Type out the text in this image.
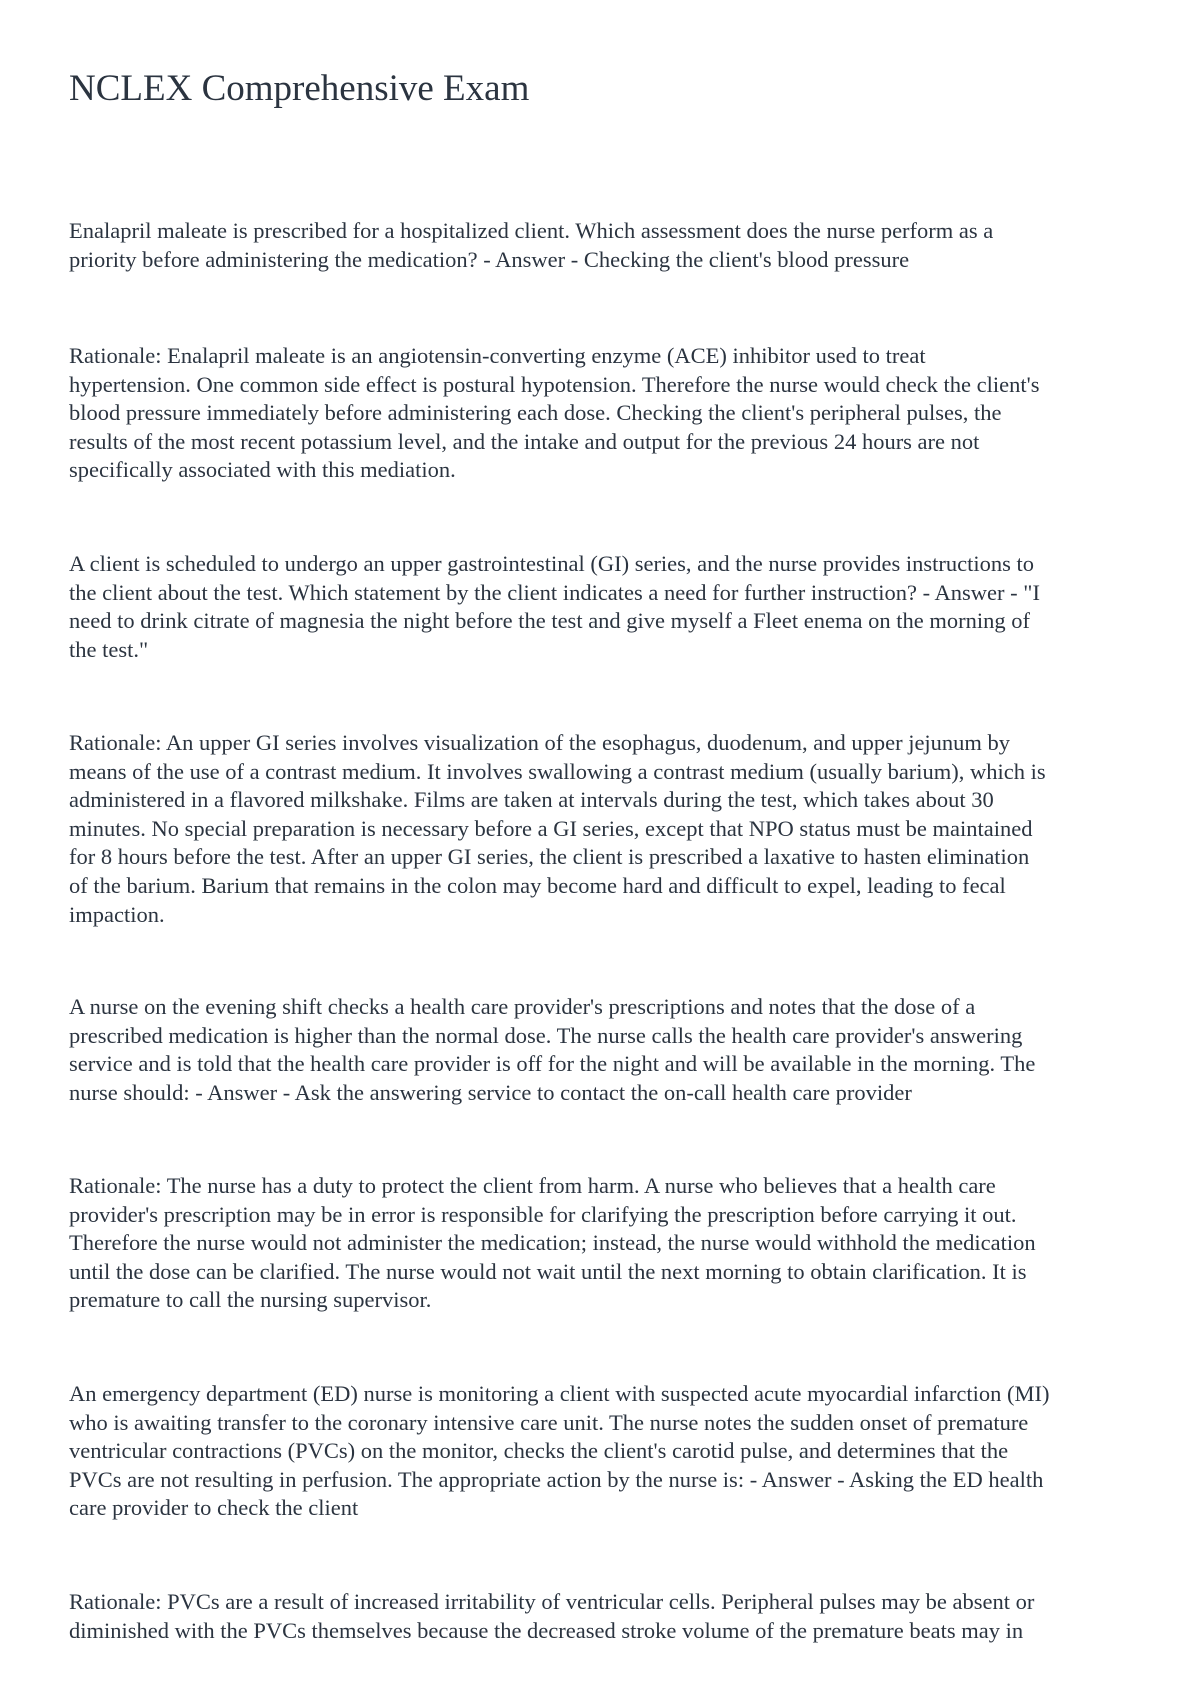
NCLEX Comprehensive Exam

Enalapril maleate is prescribed for a hospitalized client. Which assessment does the nurse perform as a
priority before administering the medication? - Answer - Checking the client's blood pressure

Rationale: Enalapril maleate is an angiotensin-converting enzyme (ACE) inhibitor used to treat
hypertension. One common side effect is postural hypotension. Therefore the nurse would check the client's
blood pressure immediately before administering each dose. Checking the client's peripheral pulses, the
results of the most recent potassium level, and the intake and output for the previous 24 hours are not
specifically associated with this mediation.

A client is scheduled to undergo an upper gastrointestinal (GI) series, and the nurse provides instructions to
the client about the test. Which statement by the client indicates a need for further instruction? - Answer - "I
need to drink citrate of magnesia the night before the test and give myself a Fleet enema on the morning of
the test."

Rationale: An upper GI series involves visualization of the esophagus, duodenum, and upper jejunum by
means of the use of a contrast medium. It involves swallowing a contrast medium (usually barium), which is
administered in a flavored milkshake. Films are taken at intervals during the test, which takes about 30
minutes. No special preparation is necessary before a GI series, except that NPO status must be maintained
for 8 hours before the test. After an upper GI series, the client is prescribed a laxative to hasten elimination
of the barium. Barium that remains in the colon may become hard and difficult to expel, leading to fecal
impaction.

A nurse on the evening shift checks a health care provider's prescriptions and notes that the dose of a
prescribed medication is higher than the normal dose. The nurse calls the health care provider's answering
service and is told that the health care provider is off for the night and will be available in the morning. The
nurse should: - Answer - Ask the answering service to contact the on-call health care provider

Rationale: The nurse has a duty to protect the client from harm. A nurse who believes that a health care
provider's prescription may be in error is responsible for clarifying the prescription before carrying it out.
Therefore the nurse would not administer the medication; instead, the nurse would withhold the medication
until the dose can be clarified. The nurse would not wait until the next morning to obtain clarification. It is
premature to call the nursing supervisor.

An emergency department (ED) nurse is monitoring a client with suspected acute myocardial infarction (MI)
who is awaiting transfer to the coronary intensive care unit. The nurse notes the sudden onset of premature
ventricular contractions (PVCs) on the monitor, checks the client's carotid pulse, and determines that the
PVCs are not resulting in perfusion. The appropriate action by the nurse is: - Answer - Asking the ED health
care provider to check the client

Rationale: PVCs are a result of increased irritability of ventricular cells. Peripheral pulses may be absent or
diminished with the PVCs themselves because the decreased stroke volume of the premature beats may in
